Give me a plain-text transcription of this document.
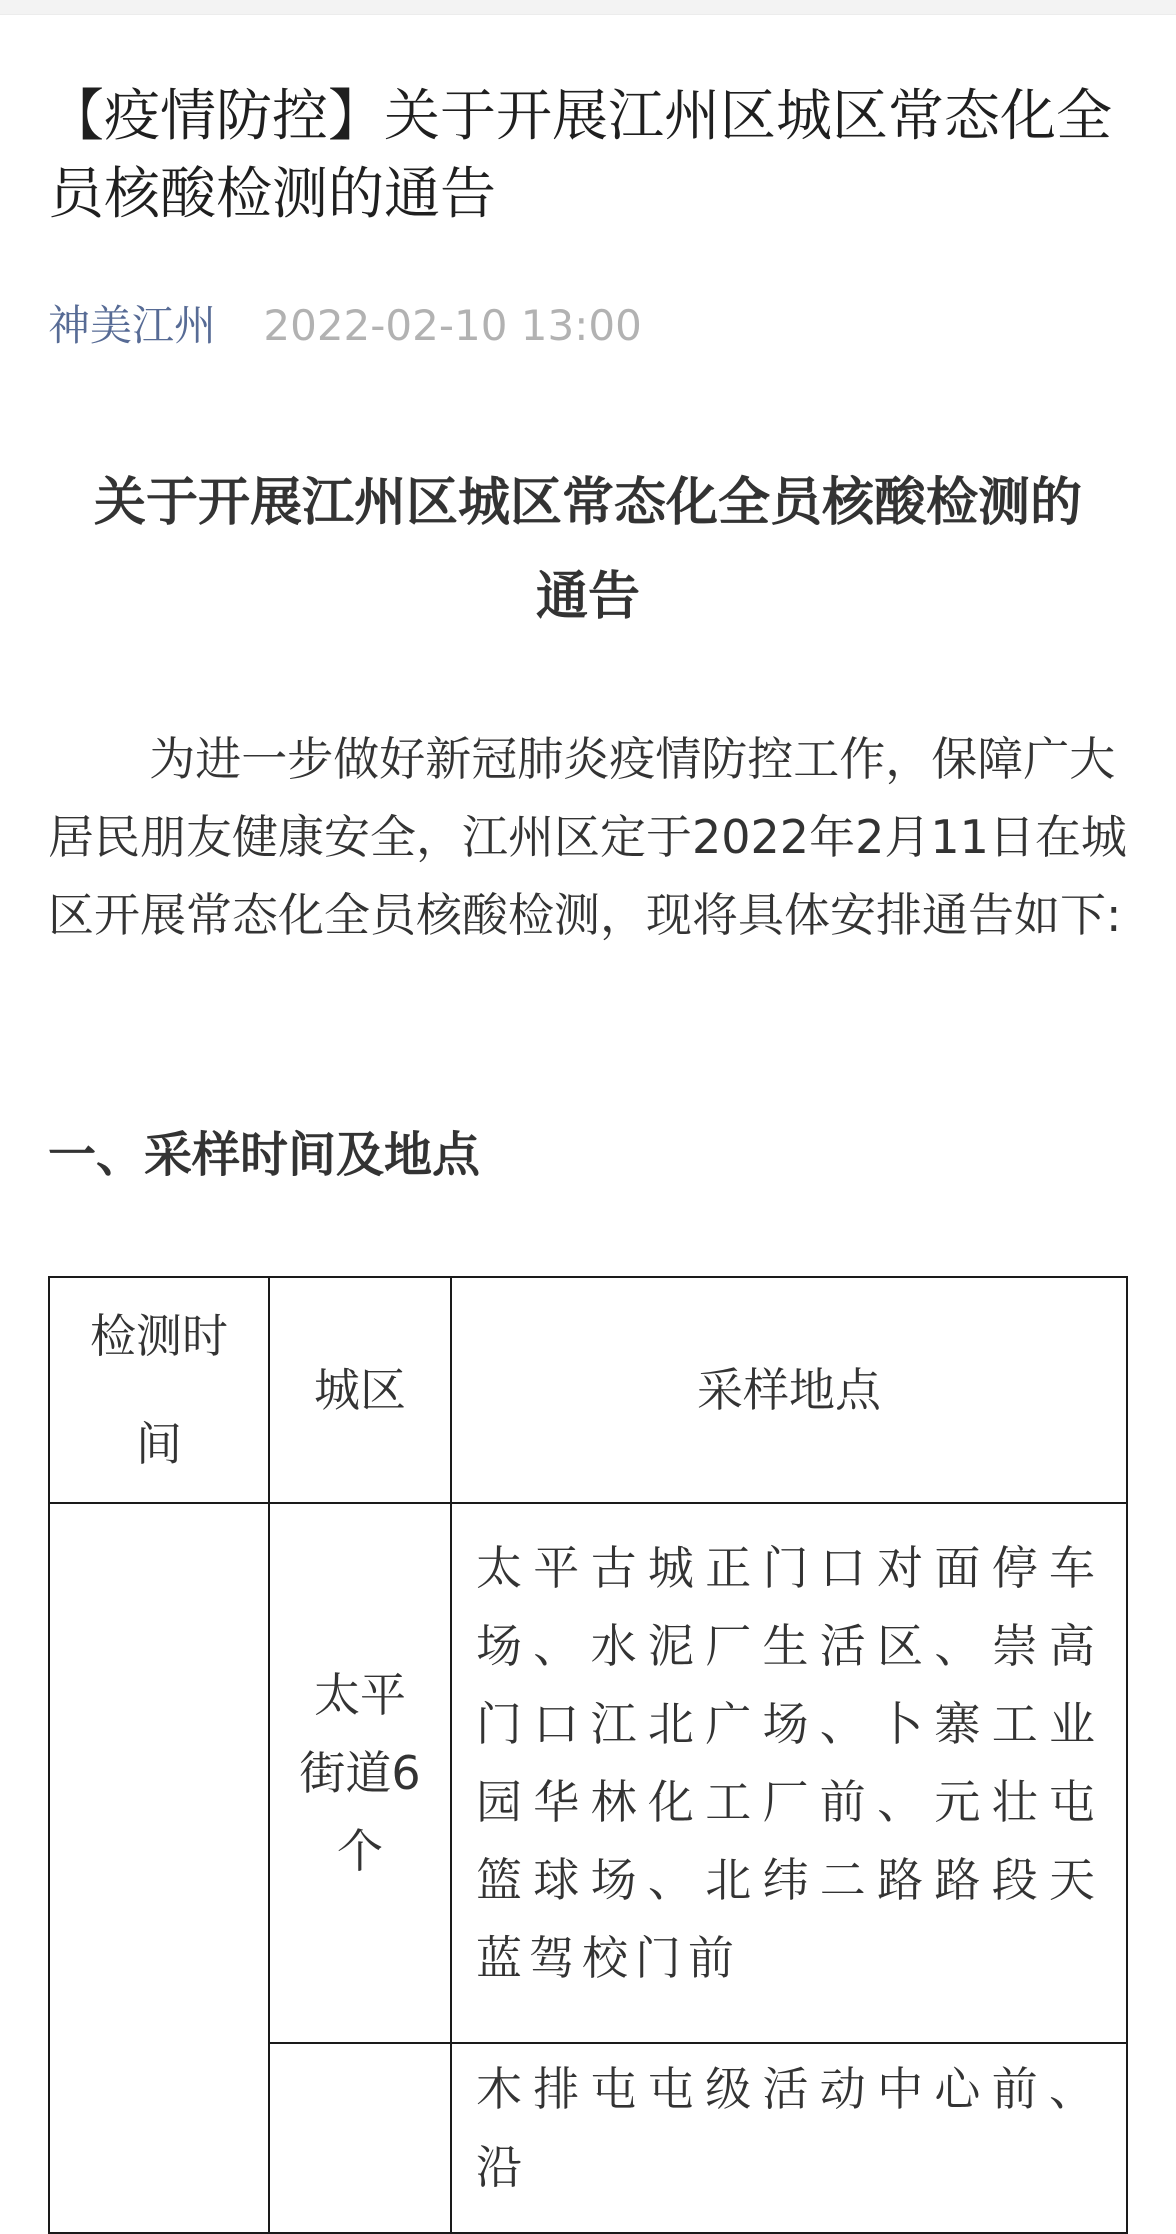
【疫情防控】关于开展江州区城区常态化全员核酸检测的通告
神美江州 2022-02-10 13:00
关于开展江州区城区常态化全员核酸检测的通告

为进一步做好新冠肺炎疫情防控工作，保障广大居民朋友健康安全，江州区定于2022年2月11日在城区开展常态化全员核酸检测，现将具体安排通告如下:

一、采样时间及地点
检测时间	城区	采样地点
	太平街道6个	太平古城正门口对面停车场、水泥厂生活区、崇高门口江北广场、卜寨工业园华林化工厂前、元壮屯篮球场、北纬二路路段天蓝驾校门前
		木排屯屯级活动中心前、沿
